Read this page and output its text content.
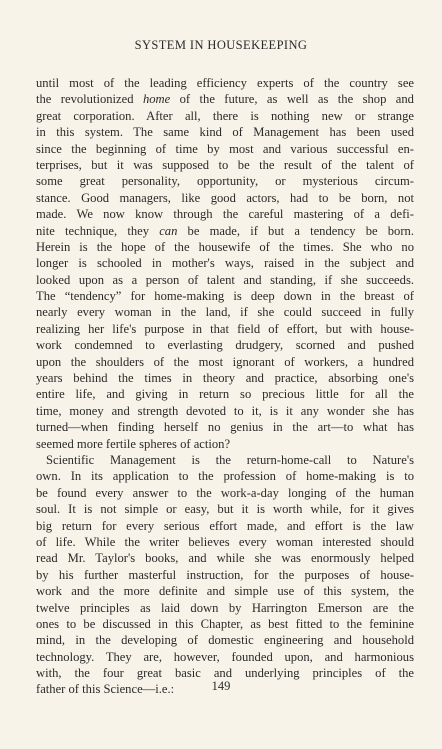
SYSTEM IN HOUSEKEEPING
until most of the leading efficiency experts of the country see
the revolutionized home of the future, as well as the shop and
great corporation. After all, there is nothing new or strange
in this system. The same kind of Management has been used
since the beginning of time by most and various successful en-
terprises, but it was supposed to be the result of the talent of
some great personality, opportunity, or mysterious circum-
stance. Good managers, like good actors, had to be born, not
made. We now know through the careful mastering of a defi-
nite technique, they can be made, if but a tendency be born.
Herein is the hope of the housewife of the times. She who no
longer is schooled in mother's ways, raised in the subject and
looked upon as a person of talent and standing, if she succeeds.
The “tendency” for home-making is deep down in the breast of
nearly every woman in the land, if she could succeed in fully
realizing her life's purpose in that field of effort, but with house-
work condemned to everlasting drudgery, scorned and pushed
upon the shoulders of the most ignorant of workers, a hundred
years behind the times in theory and practice, absorbing one's
entire life, and giving in return so precious little for all the
time, money and strength devoted to it, is it any wonder she has
turned—when finding herself no genius in the art—to what has
seemed more fertile spheres of action?
Scientific Management is the return-home-call to Nature's
own. In its application to the profession of home-making is to
be found every answer to the work-a-day longing of the human
soul. It is not simple or easy, but it is worth while, for it gives
big return for every serious effort made, and effort is the law
of life. While the writer believes every woman interested should
read Mr. Taylor's books, and while she was enormously helped
by his further masterful instruction, for the purposes of house-
work and the more definite and simple use of this system, the
twelve principles as laid down by Harrington Emerson are the
ones to be discussed in this Chapter, as best fitted to the feminine
mind, in the developing of domestic engineering and household
technology. They are, however, founded upon, and harmonious
with, the four great basic and underlying principles of the
father of this Science—i.e.:	149
